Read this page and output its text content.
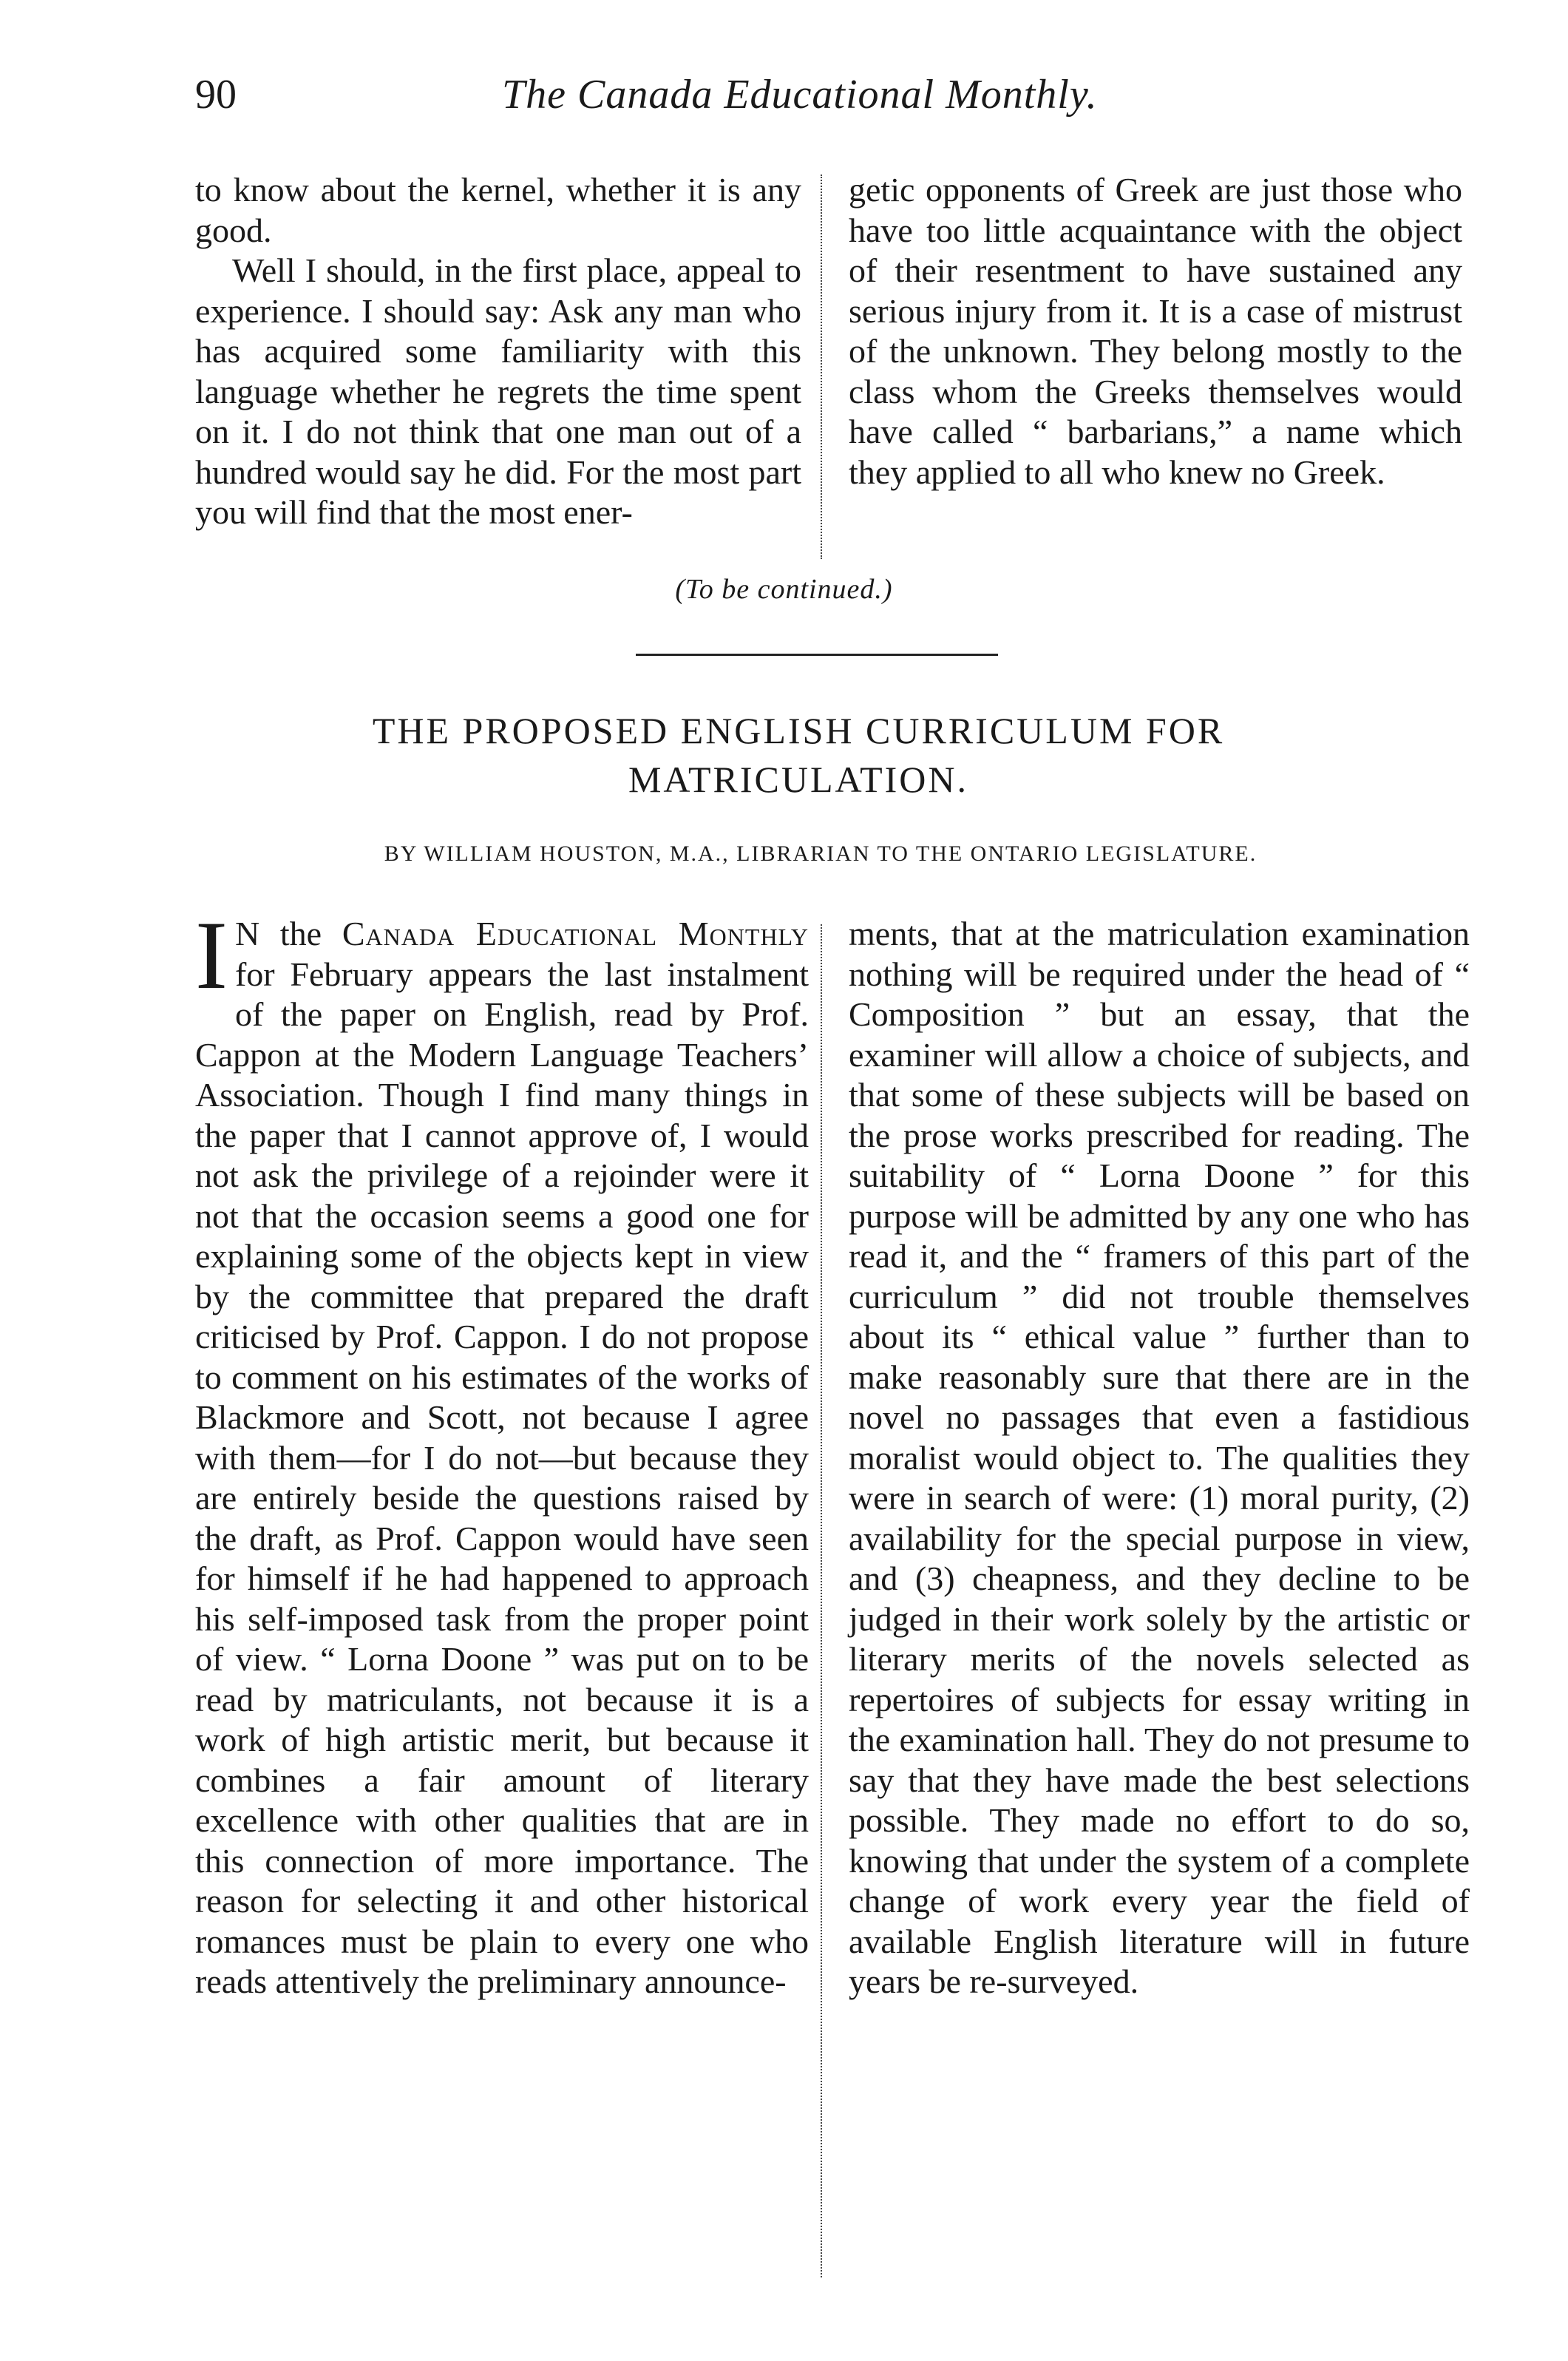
90	The Canada Educational Monthly.

to know about the kernel, whether it is any good.

Well I should, in the first place, appeal to experience. I should say: Ask any man who has acquired some familiarity with this language whether he regrets the time spent on it. I do not think that one man out of a hundred would say he did. For the most part you will find that the most ener-

getic opponents of Greek are just those who have too little acquaintance with the object of their resentment to have sustained any serious injury from it. It is a case of mistrust of the unknown. They belong mostly to the class whom the Greeks themselves would have called “ barbarians,” a name which they applied to all who knew no Greek.

(To be continued.)
THE PROPOSED ENGLISH CURRICULUM FOR
MATRICULATION.
BY WILLIAM HOUSTON, M.A., LIBRARIAN TO THE ONTARIO LEGISLATURE.

I N the Canada Educational Monthly for February appears the last instalment of the paper on English, read by Prof. Cappon at the Modern Language Teachers’ Association. Though I find many things in the paper that I cannot approve of, I would not ask the privilege of a rejoinder were it not that the occasion seems a good one for explaining some of the objects kept in view by the committee that prepared the draft criticised by Prof. Cappon. I do not propose to comment on his estimates of the works of Blackmore and Scott, not because I agree with them—for I do not—but because they are entirely beside the questions raised by the draft, as Prof. Cappon would have seen for himself if he had happened to approach his self-imposed task from the proper point of view. “ Lorna Doone ” was put on to be read by matriculants, not because it is a work of high artistic merit, but because it combines a fair amount of literary excellence with other qualities that are in this connection of more importance. The reason for selecting it and other historical romances must be plain to every one who reads attentively the preliminary announce-

ments, that at the matriculation examination nothing will be required under the head of “ Composition ” but an essay, that the examiner will allow a choice of subjects, and that some of these subjects will be based on the prose works prescribed for reading. The suitability of “ Lorna Doone ” for this purpose will be admitted by any one who has read it, and the “ framers of this part of the curriculum ” did not trouble themselves about its “ ethical value ” further than to make reasonably sure that there are in the novel no passages that even a fastidious moralist would object to. The qualities they were in search of were: (1) moral purity, (2) availability for the special purpose in view, and (3) cheapness, and they decline to be judged in their work solely by the artistic or literary merits of the novels selected as repertoires of subjects for essay writing in the examination hall. They do not presume to say that they have made the best selections possible. They made no effort to do so, knowing that under the system of a complete change of work every year the field of available English literature will in future years be re-surveyed.
